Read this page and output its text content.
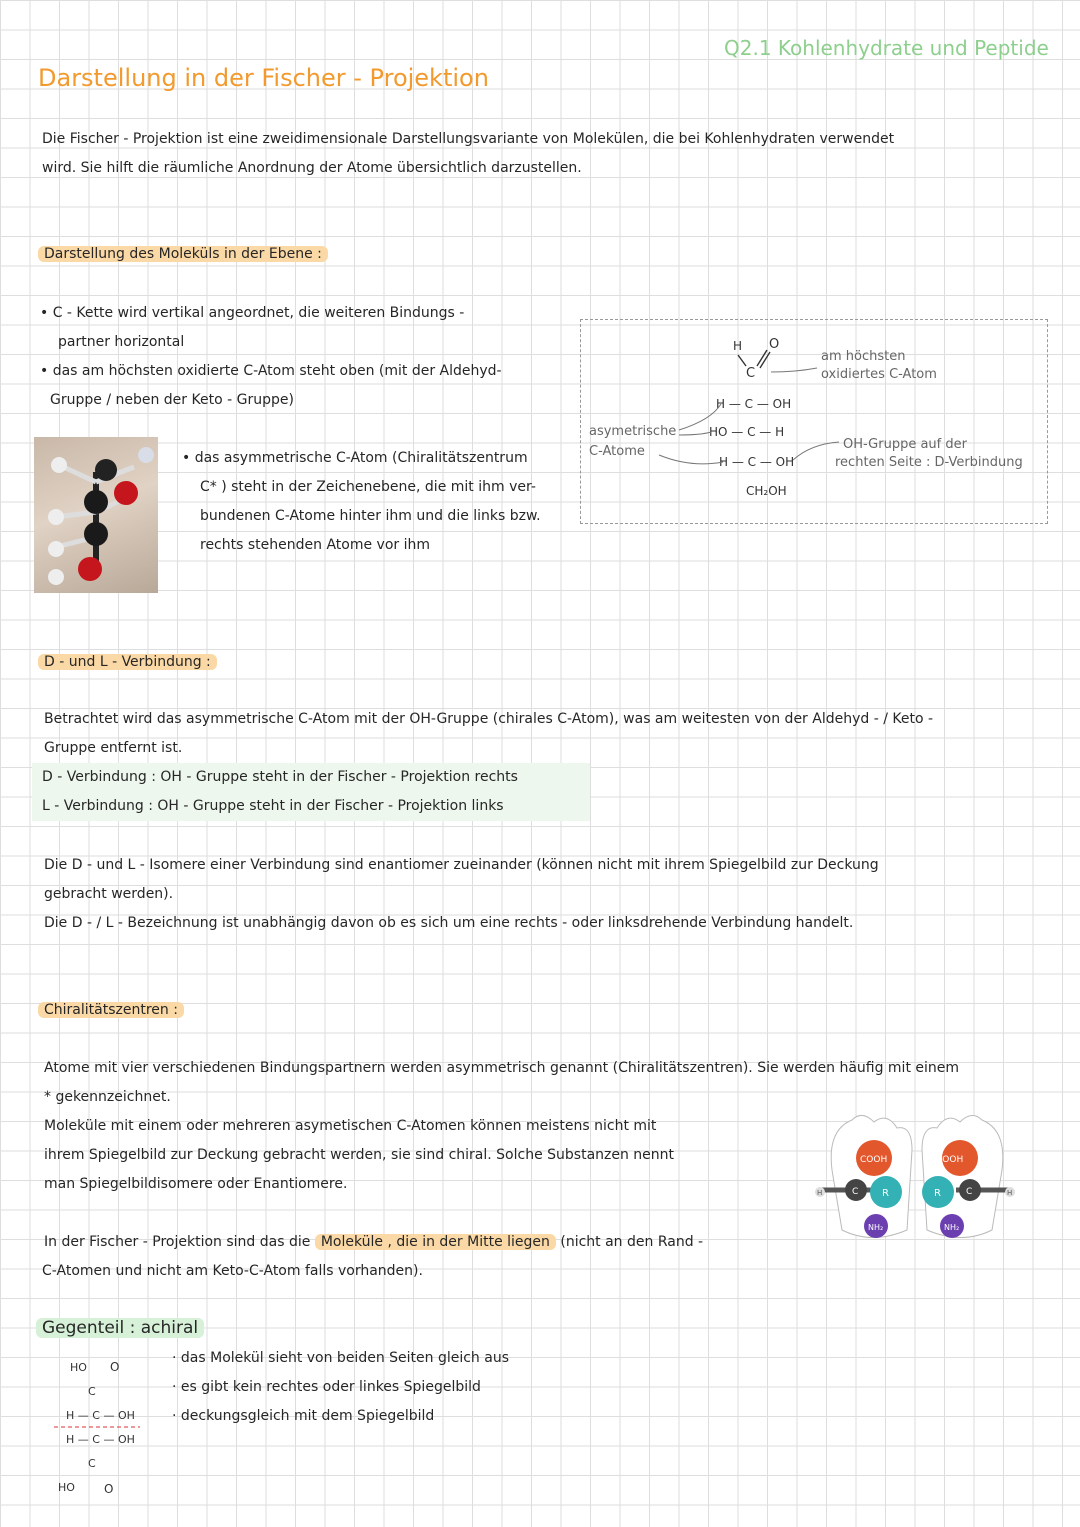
Q2.1 Kohlenhydrate und Peptide
Darstellung in der Fischer - Projektion
Die Fischer - Projektion ist eine zweidimensionale Darstellungsvariante von Molekülen, die bei Kohlenhydraten verwendet
wird. Sie hilft die räumliche Anordnung der Atome übersichtlich darzustellen.
Darstellung des Moleküls in der Ebene :
• C - Kette wird vertikal angeordnet, die weiteren Bindungs -
partner horizontal
• das am höchsten oxidierte C-Atom steht oben (mit der Aldehyd-
Gruppe / neben der Keto - Gruppe)
• das asymmetrische C-Atom (Chiralitätszentrum
C* ) steht in der Zeichenebene, die mit ihm ver-
bundenen C-Atome hinter ihm und die links bzw.
rechts stehenden Atome vor ihm
H O
C
H — C — OH
HO — C — H
H — C — OH
CH₂OH
asymetrische
C-Atome
am höchsten
oxidiertes C-Atom
OH-Gruppe auf der
rechten Seite : D-Verbindung
D - und L - Verbindung :
Betrachtet wird das asymmetrische C-Atom mit der OH-Gruppe (chirales C-Atom), was am weitesten von der Aldehyd - / Keto -
Gruppe entfernt ist.
D - Verbindung : OH - Gruppe steht in der Fischer - Projektion rechts
L - Verbindung : OH - Gruppe steht in der Fischer - Projektion links
Die D - und L - Isomere einer Verbindung sind enantiomer zueinander (können nicht mit ihrem Spiegelbild zur Deckung
gebracht werden).
Die D - / L - Bezeichnung ist unabhängig davon ob es sich um eine rechts - oder linksdrehende Verbindung handelt.
Chiralitätszentren :
Atome mit vier verschiedenen Bindungspartnern werden asymmetrisch genannt (Chiralitätszentren). Sie werden häufig mit einem
* gekennzeichnet.
Moleküle mit einem oder mehreren asymetischen C-Atomen können meistens nicht mit
ihrem Spiegelbild zur Deckung gebracht werden, sie sind chiral. Solche Substanzen nennt
man Spiegelbildisomere oder Enantiomere.
In der Fischer - Projektion sind das die Moleküle , die in der Mitte liegen (nicht an den Rand -
C-Atomen und nicht am Keto-C-Atom falls vorhanden).
COOH	COOH
R	R
C	C
H	H
NH₂	NH₂
Gegenteil : achiral
· das Molekül sieht von beiden Seiten gleich aus
· es gibt kein rechtes oder linkes Spiegelbild
· deckungsgleich mit dem Spiegelbild
HO O
C
H — C — OH
H — C — OH
C
HO O
